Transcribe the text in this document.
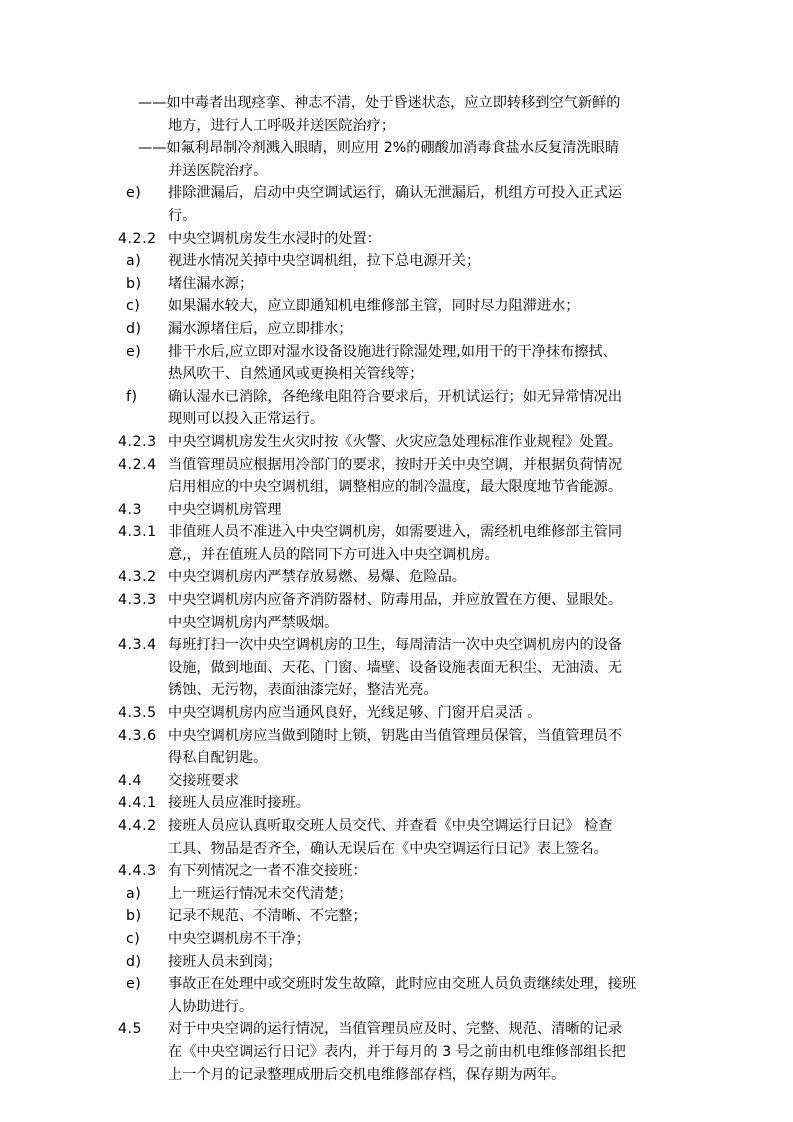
——如中毒者出现痉挛、神志不清，处于昏迷状态，应立即转移到空气新鲜的
地方，进行人工呼吸并送医院治疗；
——如氟利昂制冷剂溅入眼睛，则应用 2%的硼酸加消毒食盐水反复清洗眼睛
并送医院治疗。
e) 排除泄漏后，启动中央空调试运行，确认无泄漏后，机组方可投入正式运
行。
4.2.2 中央空调机房发生水浸时的处置：
a) 视进水情况关掉中央空调机组，拉下总电源开关；
b) 堵住漏水源；
c) 如果漏水较大，应立即通知机电维修部主管，同时尽力阻滞进水；
d) 漏水源堵住后，应立即排水；
e) 排干水后,应立即对湿水设备设施进行除湿处理,如用干的干净抹布擦拭、
热风吹干、自然通风或更换相关管线等；
f) 确认湿水已消除，各绝缘电阻符合要求后，开机试运行；如无异常情况出
现则可以投入正常运行。
4.2.3 中央空调机房发生火灾时按《火警、火灾应急处理标准作业规程》处置。
4.2.4 当值管理员应根据用冷部门的要求，按时开关中央空调，并根据负荷情况
启用相应的中央空调机组，调整相应的制冷温度，最大限度地节省能源。
4.3 中央空调机房管理
4.3.1 非值班人员不准进入中央空调机房，如需要进入，需经机电维修部主管同
意,，并在值班人员的陪同下方可进入中央空调机房。
4.3.2 中央空调机房内严禁存放易燃、易爆、危险品。
4.3.3 中央空调机房内应备齐消防器材、防毒用品，并应放置在方便、显眼处。
中央空调机房内严禁吸烟。
4.3.4 每班打扫一次中央空调机房的卫生，每周清洁一次中央空调机房内的设备
设施，做到地面、天花、门窗、墙壁、设备设施表面无积尘、无油渍、无
锈蚀、无污物，表面油漆完好，整洁光亮。
4.3.5 中央空调机房内应当通风良好，光线足够、门窗开启灵活 。
4.3.6 中央空调机房应当做到随时上锁，钥匙由当值管理员保管，当值管理员不
得私自配钥匙。
4.4 交接班要求
4.4.1 接班人员应准时接班。
4.4.2 接班人员应认真听取交班人员交代、并查看《中央空调运行日记》 检查
工具、物品是否齐全，确认无误后在《中央空调运行日记》表上签名。
4.4.3 有下列情况之一者不准交接班：
a) 上一班运行情况未交代清楚；
b) 记录不规范、不清晰、不完整；
c) 中央空调机房不干净；
d) 接班人员未到岗；
e) 事故正在处理中或交班时发生故障，此时应由交班人员负责继续处理，接班
人协助进行。
4.5 对于中央空调的运行情况，当值管理员应及时、完整、规范、清晰的记录
在《中央空调运行日记》表内，并于每月的 3 号之前由机电维修部组长把
上一个月的记录整理成册后交机电维修部存档，保存期为两年。
